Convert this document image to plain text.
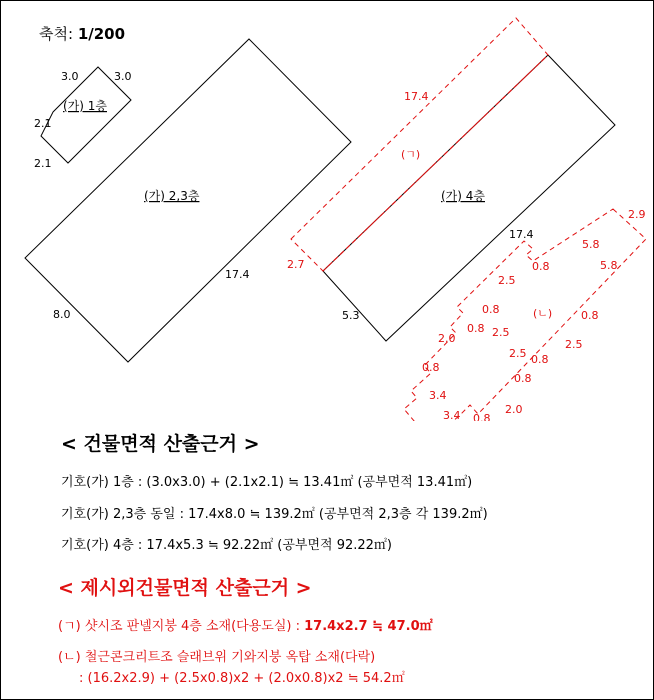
축척: 1/200
(가) 1층
3.0	3.0
2.1
2.1
(가) 2,3층
17.4
8.0
(가) 4층
17.4
5.3
(ㄱ)
17.4
2.7
(ㄴ)
2.9
5.8
5.8
0.8
2.5
0.8	0.8
0.8 2.5
2.0	2.5
0.8
2.5
0.8
0.8
3.4
3.4 0.8
2.0
< 건물면적 산출근거 >
기호(가) 1층 : (3.0x3.0) + (2.1x2.1) ≒ 13.41㎡ (공부면적 13.41㎡)
기호(가) 2,3층 동일 : 17.4x8.0 ≒ 139.2㎡ (공부면적 2,3층 각 139.2㎡)
기호(가) 4층 : 17.4x5.3 ≒ 92.22㎡ (공부면적 92.22㎡)
< 제시외건물면적 산출근거 >
(ㄱ) 샷시조 판넬지붕 4층 소재(다용도실) : 17.4x2.7 ≒ 47.0㎡
(ㄴ) 철근콘크리트조 슬래브위 기와지붕 옥탑 소재(다락)
: (16.2x2.9) + (2.5x0.8)x2 + (2.0x0.8)x2 ≒ 54.2㎡
